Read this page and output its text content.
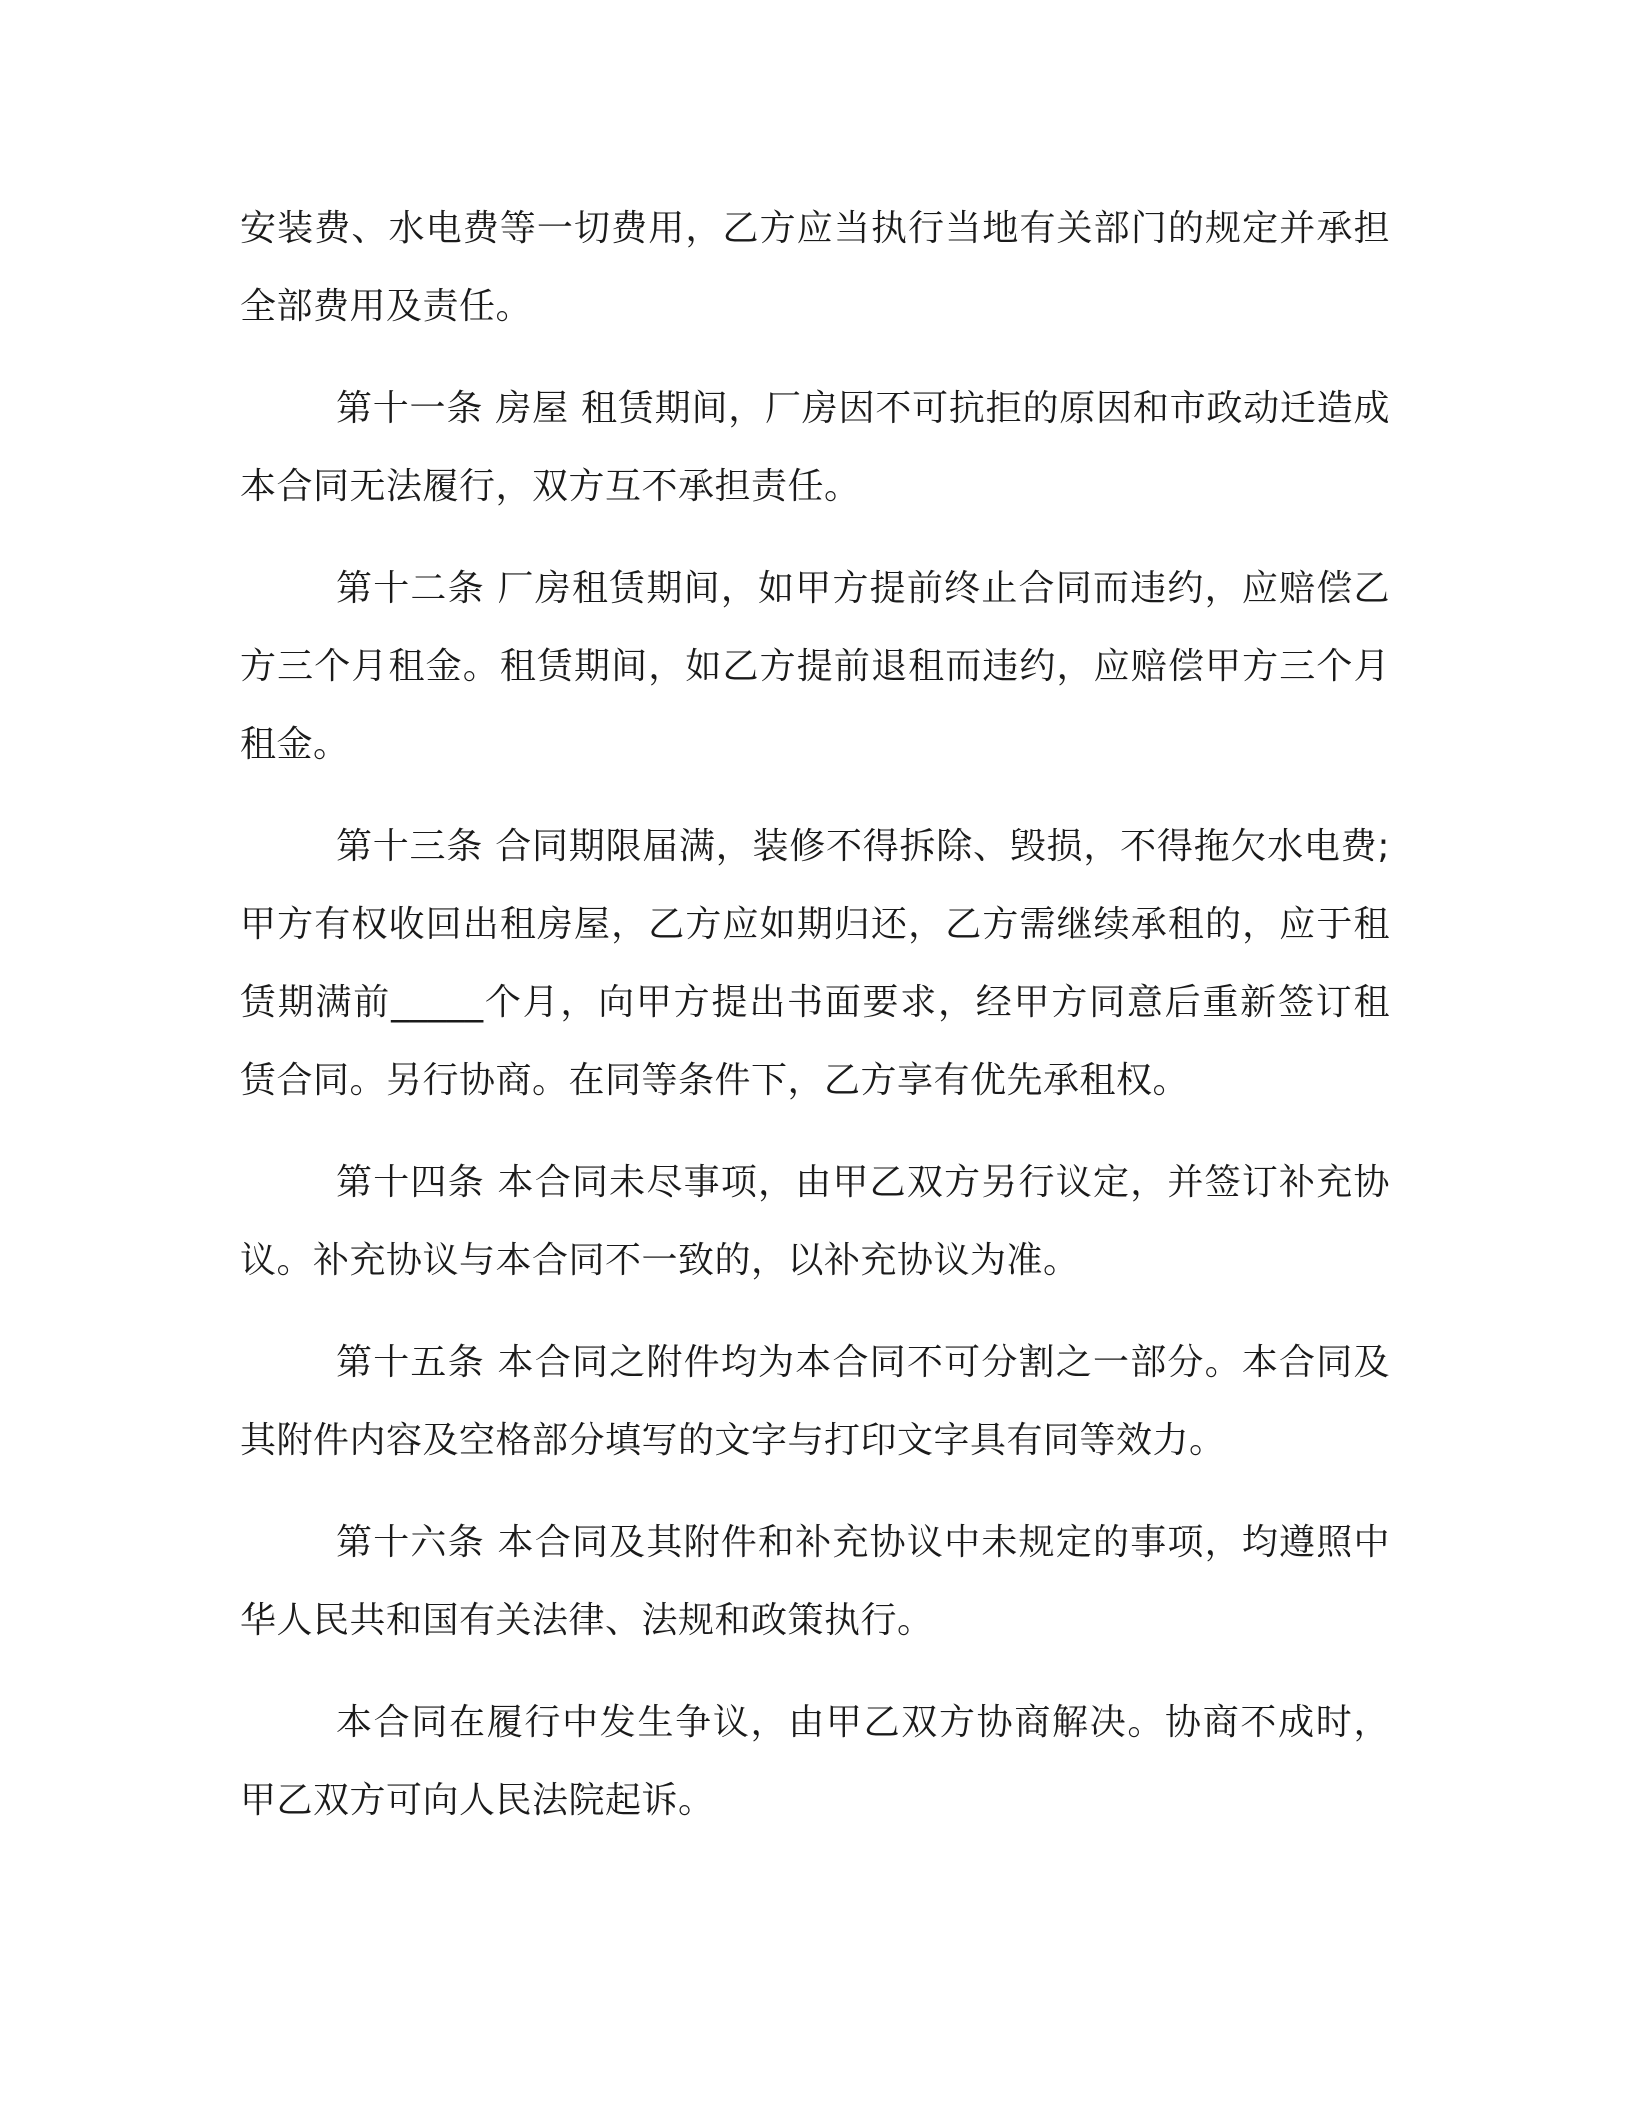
安装费、水电费等一切费用，乙方应当执行当地有关部门的规定并承担全部费用及责任。

第十一条 房屋 租赁期间，厂房因不可抗拒的原因和市政动迁造成本合同无法履行，双方互不承担责任。

第十二条 厂房租赁期间，如甲方提前终止合同而违约，应赔偿乙方三个月租金。租赁期间，如乙方提前退租而违约，应赔偿甲方三个月租金。

第十三条 合同期限届满，装修不得拆除、毁损，不得拖欠水电费;甲方有权收回出租房屋，乙方应如期归还，乙方需继续承租的，应于租赁期满前_____个月，向甲方提出书面要求，经甲方同意后重新签订租赁合同。另行协商。在同等条件下，乙方享有优先承租权。

第十四条 本合同未尽事项，由甲乙双方另行议定，并签订补充协议。补充协议与本合同不一致的，以补充协议为准。

第十五条 本合同之附件均为本合同不可分割之一部分。本合同及其附件内容及空格部分填写的文字与打印文字具有同等效力。

第十六条 本合同及其附件和补充协议中未规定的事项，均遵照中华人民共和国有关法律、法规和政策执行。

本合同在履行中发生争议，由甲乙双方协商解决。协商不成时，甲乙双方可向人民法院起诉。
